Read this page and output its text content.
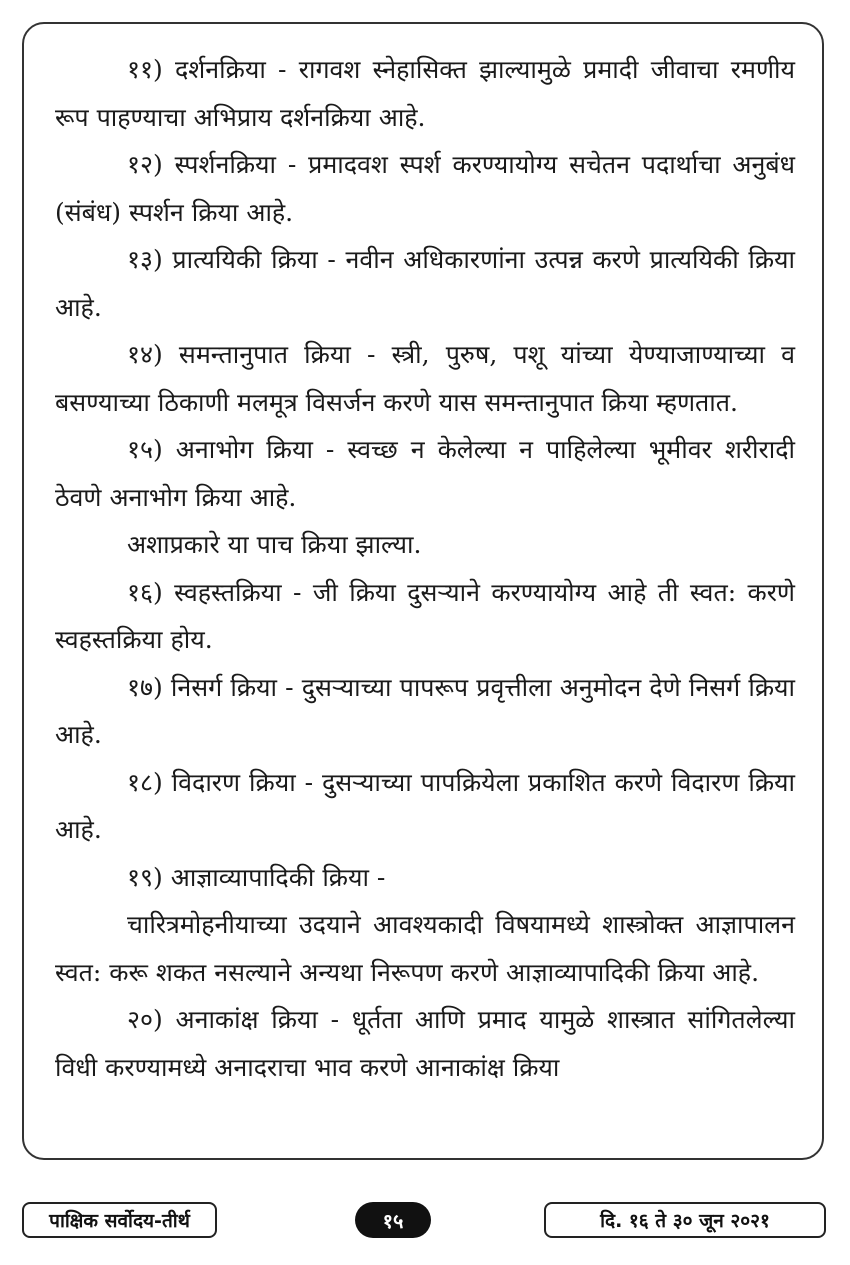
११) दर्शनक्रिया - रागवश स्नेहासिक्त झाल्यामुळे प्रमादी जीवाचा रमणीय रूप पाहण्याचा अभिप्राय दर्शनक्रिया आहे.

१२) स्पर्शनक्रिया - प्रमादवश स्पर्श करण्यायोग्य सचेतन पदार्थाचा अनुबंध (संबंध) स्पर्शन क्रिया आहे.

१३) प्रात्ययिकी क्रिया - नवीन अधिकारणांना उत्पन्न करणे प्रात्ययिकी क्रिया आहे.

१४) समन्तानुपात क्रिया - स्त्री, पुरुष, पशू यांच्या येण्याजाण्याच्या व बसण्याच्या ठिकाणी मलमूत्र विसर्जन करणे यास समन्तानुपात क्रिया म्हणतात.

१५) अनाभोग क्रिया - स्वच्छ न केलेल्या न पाहिलेल्या भूमीवर शरीरादी ठेवणे अनाभोग क्रिया आहे.

अशाप्रकारे या पाच क्रिया झाल्या.

१६) स्वहस्तक्रिया - जी क्रिया दुसऱ्याने करण्यायोग्य आहे ती स्वत: करणे स्वहस्तक्रिया होय.

१७) निसर्ग क्रिया - दुसऱ्याच्या पापरूप प्रवृत्तीला अनुमोदन देणे निसर्ग क्रिया आहे.

१८) विदारण क्रिया - दुसऱ्याच्या पापक्रियेला प्रकाशित करणे विदारण क्रिया आहे.

१९) आज्ञाव्यापादिकी क्रिया -

चारित्रमोहनीयाच्या उदयाने आवश्यकादी विषयामध्ये शास्त्रोक्त आज्ञापालन स्वत: करू शकत नसल्याने अन्यथा निरूपण करणे आज्ञाव्यापादिकी क्रिया आहे.

२०) अनाकांक्ष क्रिया - धूर्तता आणि प्रमाद यामुळे शास्त्रात सांगितलेल्या विधी करण्यामध्ये अनादराचा भाव करणे आनाकांक्ष क्रिया

पाक्षिक सर्वोदय-तीर्थ	१५	दि. १६ ते ३० जून २०२१
